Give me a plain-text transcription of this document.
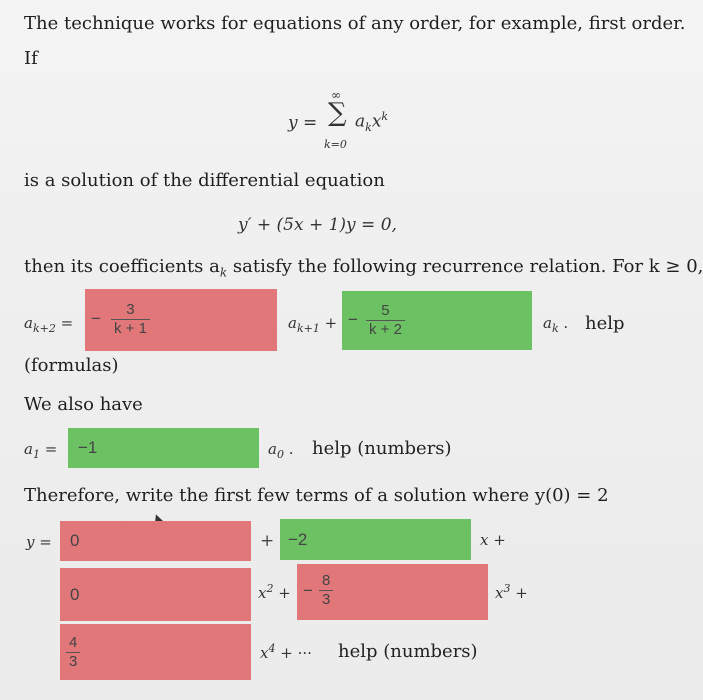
The technique works for equations of any order, for example, first order.
If
y =
∞
∑
k=0
$a_kx^k$
is a solution of the differential equation
y′ + (5x + 1)y = 0,
then its coefficients $a_k$ satisfy the following recurrence relation. For k ≥ 0,
$a_{k+2}$ = − $\frac{3}{k + 1}$	$a_{k+1}$ + − $\frac{5}{k + 2}$	$a_k$ . help
(formulas)
We also have
$a_1 = -1$	$a_0$ . help (numbers)
Therefore, write the first few terms of a solution where y(0) = 2
y = 0	+ −2	x +
0	$x^2$ + − $\frac{8}{3}$	$x^3$ +
$\frac{4}{3}$	$x^4$ + ··· help (numbers)
